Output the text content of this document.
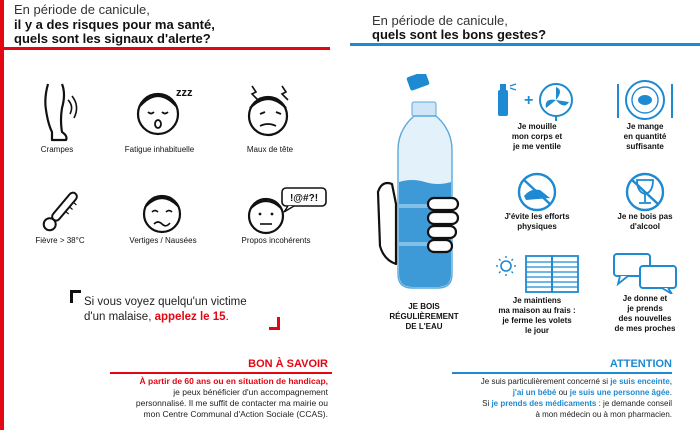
En période de canicule,
il y a des risques pour ma santé,
quels sont les signaux d'alerte?
En période de canicule,
quels sont les bons gestes?
Crampes
zzz
Fatigue inhabituelle	Maux de tête
Fièvre > 38°C	Vertiges / Nausées
!@#?!
Propos incohérents
Si vous voyez quelqu'un victime
d'un malaise, appelez le 15.
JE BOIS
RÉGULIÈREMENT
DE L'EAU
+
Je mouille
mon corps et
je me ventile
Je mange
en quantité
suffisante
J'évite les efforts
physiques
Je ne bois pas
d'alcool
Je maintiens
ma maison au frais :
je ferme les volets
le jour
Je donne et
je prends
des nouvelles
de mes proches
BON À SAVOIR
À partir de 60 ans ou en situation de handicap,
je peux bénéficier d'un accompagnement
personnalisé. Il me suffit de contacter ma mairie ou
mon Centre Communal d'Action Sociale (CCAS).
ATTENTION
Je suis particulièrement concerné si je suis enceinte,
j'ai un bébé ou je suis une personne âgée.
Si je prends des médicaments : je demande conseil
à mon médecin ou à mon pharmacien.
